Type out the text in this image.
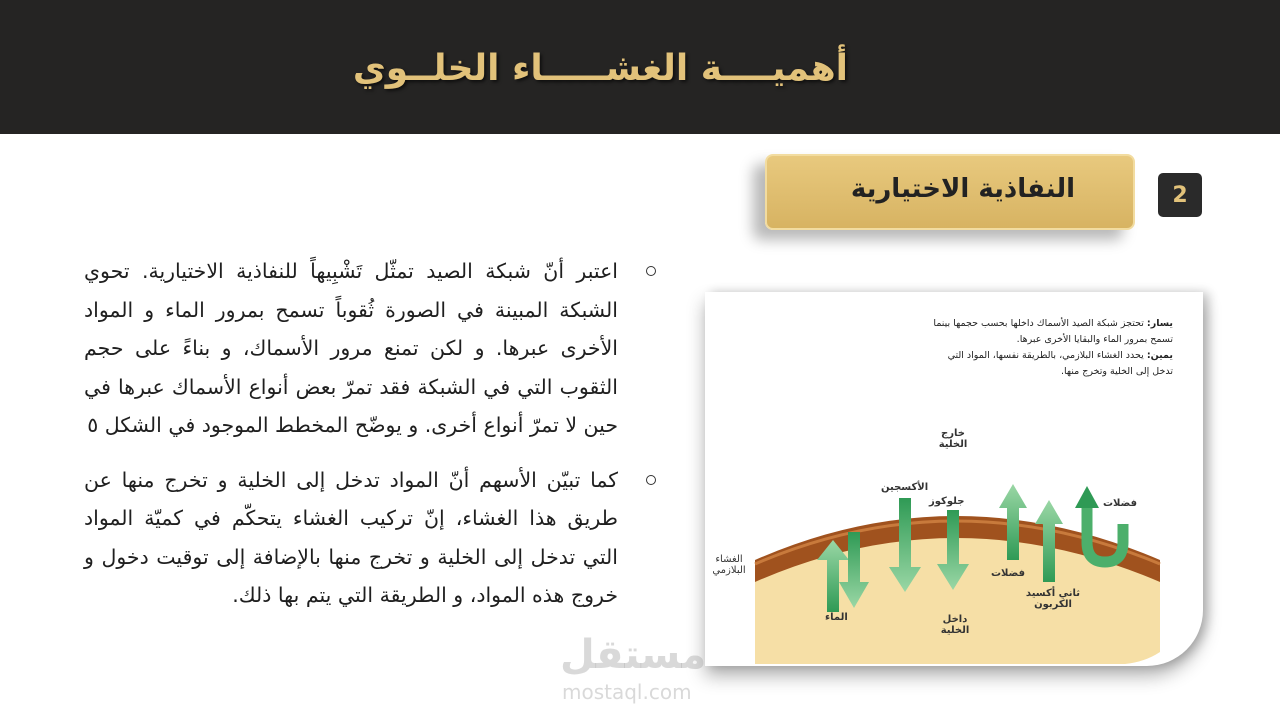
أهميــــة الغشـــــاء الخلــوي
النفاذية الاختيارية	2
اعتبر أنّ شبكة الصيد تمثّل تَشْبِيهاً للنفاذية الاختيارية. تحوي الشبكة المبينة في الصورة ثُقوباً تسمح بمرور الماء و المواد الأخرى عبرها. و لكن تمنع مرور الأسماك، و بناءً على حجم الثقوب التي في الشبكة فقد تمرّ بعض أنواع الأسماك عبرها في حين لا تمرّ أنواع أخرى. و يوضّح المخطط الموجود في الشكل ٥
كما تبيّن الأسهم أنّ المواد تدخل إلى الخلية و تخرج منها عن طريق هذا الغشاء، إنّ تركيب الغشاء يتحكّم في كميّة المواد التي تدخل إلى الخلية و تخرج منها بالإضافة إلى توقيت دخول و خروج هذه المواد، و الطريقة التي يتم بها ذلك.
يسار: تحتجز شبكة الصيد الأسماك داخلها بحسب حجمها بينما تسمح بمرور الماء والبقايا الأخرى عبرها.
يمين: يحدد الغشاء البلازمي، بالطريقة نفسها، المواد التي تدخل إلى الخلية وتخرج منها.
خارج الخلية
الأكسجين
جلوكوز	فضلات
فضلات
ثاني أكسيد الكربون
الماء	داخل الخلية
الغشاء البلازمي
مستقل
mostaql.com
